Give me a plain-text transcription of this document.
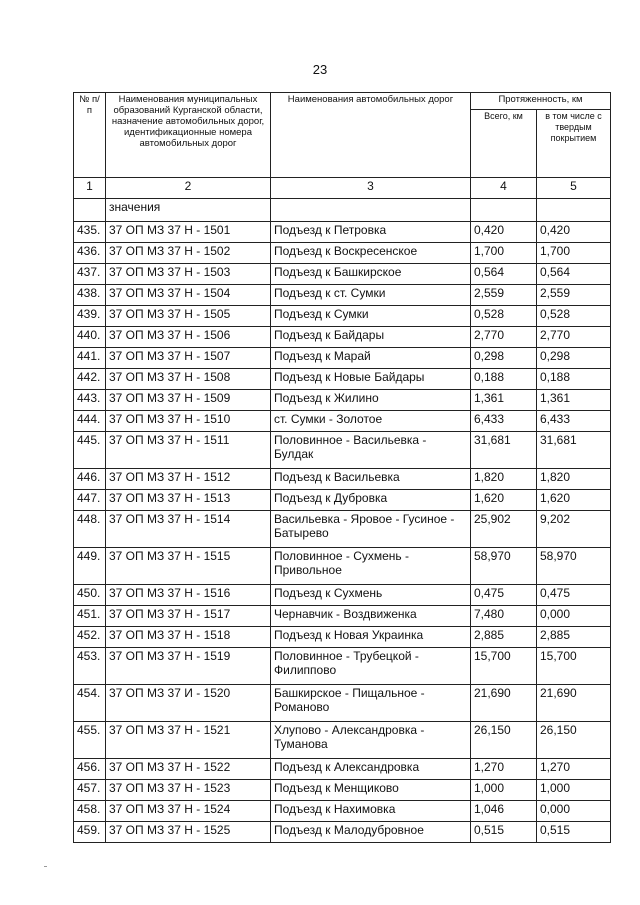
23
№ п/п	Наименования муниципальных образований Курганской области, назначение автомобильных дорог, идентификационные номера автомобильных дорог	Наименования автомобильных дорог	Протяженность, км	
			Всего, км	в том числе с твердым покрытием
1	2	3	4	5
	значения			
435.	37 ОП МЗ 37 Н - 1501	Подъезд к Петровка	0,420	0,420
436.	37 ОП МЗ 37 Н - 1502	Подъезд к Воскресенское	1,700	1,700
437.	37 ОП МЗ 37 Н - 1503	Подъезд к Башкирское	0,564	0,564
438.	37 ОП МЗ 37 Н - 1504	Подъезд к ст. Сумки	2,559	2,559
439.	37 ОП МЗ 37 Н - 1505	Подъезд к Сумки	0,528	0,528
440.	37 ОП МЗ 37 Н - 1506	Подъезд к Байдары	2,770	2,770
441.	37 ОП МЗ 37 Н - 1507	Подъезд к Марай	0,298	0,298
442.	37 ОП МЗ 37 Н - 1508	Подъезд к Новые Байдары	0,188	0,188
443.	37 ОП МЗ 37 Н - 1509	Подъезд к Жилино	1,361	1,361
444.	37 ОП МЗ 37 Н - 1510	ст. Сумки - Золотое	6,433	6,433
445.	37 ОП МЗ 37 Н - 1511	Половинное - Васильевка - Булдак	31,681	31,681
446.	37 ОП МЗ 37 Н - 1512	Подъезд к Васильевка	1,820	1,820
447.	37 ОП МЗ 37 Н - 1513	Подъезд к Дубровка	1,620	1,620
448.	37 ОП МЗ 37 Н - 1514	Васильевка - Яровое - Гусиное - Батырево	25,902	9,202
449.	37 ОП МЗ 37 Н - 1515	Половинное - Сухмень - Привольное	58,970	58,970
450.	37 ОП МЗ 37 Н - 1516	Подъезд к Сухмень	0,475	0,475
451.	37 ОП МЗ 37 Н - 1517	Чернавчик - Воздвиженка	7,480	0,000
452.	37 ОП МЗ 37 Н - 1518	Подъезд к Новая Украинка	2,885	2,885
453.	37 ОП МЗ 37 Н - 1519	Половинное - Трубецкой - Филиппово	15,700	15,700
454.	37 ОП МЗ 37 И - 1520	Башкирское - Пищальное - Романово	21,690	21,690
455.	37 ОП МЗ 37 Н - 1521	Хлупово - Александровка - Туманова	26,150	26,150
456.	37 ОП МЗ 37 Н - 1522	Подъезд к Александровка	1,270	1,270
457.	37 ОП МЗ 37 Н - 1523	Подъезд к Менщиково	1,000	1,000
458.	37 ОП МЗ 37 Н - 1524	Подъезд к Нахимовка	1,046	0,000
459.	37 ОП МЗ 37 Н - 1525	Подъезд к Малодубровное	0,515	0,515
